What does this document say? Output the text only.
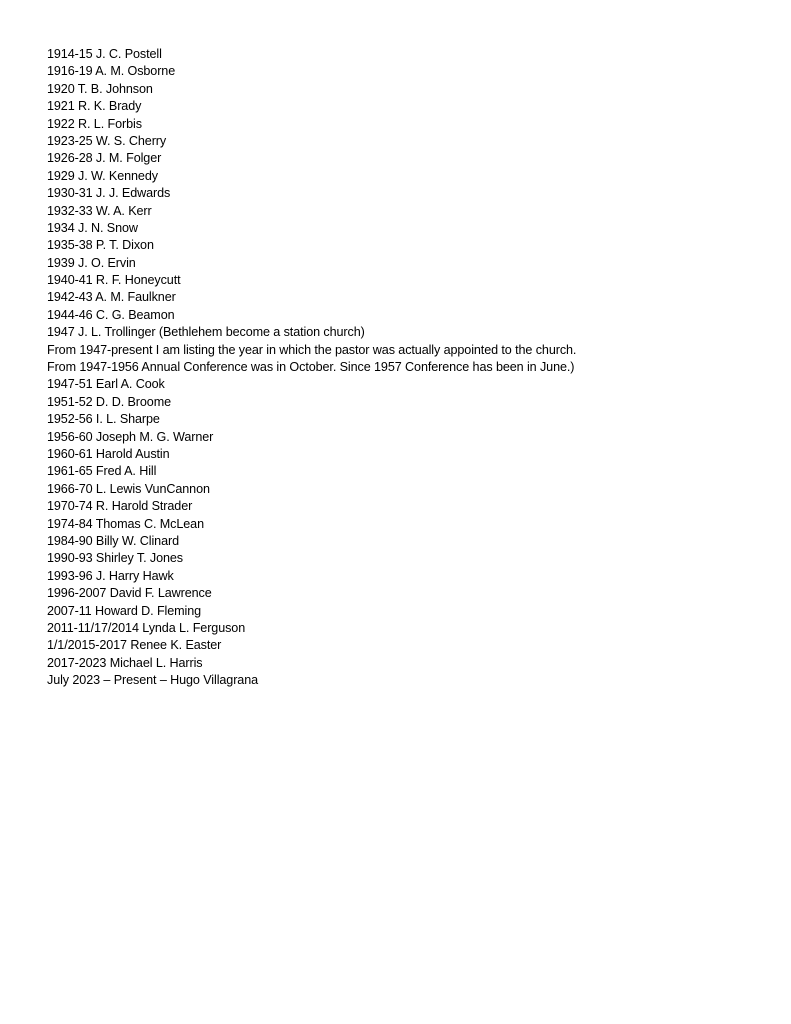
1914-15 J. C. Postell
1916-19 A. M. Osborne
1920 T. B. Johnson
1921 R. K. Brady
1922 R. L. Forbis
1923-25 W. S. Cherry
1926-28 J. M. Folger
1929 J. W. Kennedy
1930-31 J. J. Edwards
1932-33 W. A. Kerr
1934 J. N. Snow
1935-38 P. T. Dixon
1939 J. O. Ervin
1940-41 R. F. Honeycutt
1942-43 A. M. Faulkner
1944-46 C. G. Beamon
1947 J. L. Trollinger (Bethlehem become a station church)
From 1947-present I am listing the year in which the pastor was actually appointed to the church.
From 1947-1956 Annual Conference was in October. Since 1957 Conference has been in June.)
1947-51 Earl A. Cook
1951-52 D. D. Broome
1952-56 I. L. Sharpe
1956-60 Joseph M. G. Warner
1960-61 Harold Austin
1961-65 Fred A. Hill
1966-70 L. Lewis VunCannon
1970-74 R. Harold Strader
1974-84 Thomas C. McLean
1984-90 Billy W. Clinard
1990-93 Shirley T. Jones
1993-96 J. Harry Hawk
1996-2007 David F. Lawrence
2007-11 Howard D. Fleming
2011-11/17/2014 Lynda L. Ferguson
1/1/2015-2017 Renee K. Easter
2017-2023 Michael L. Harris
July 2023 – Present – Hugo Villagrana
